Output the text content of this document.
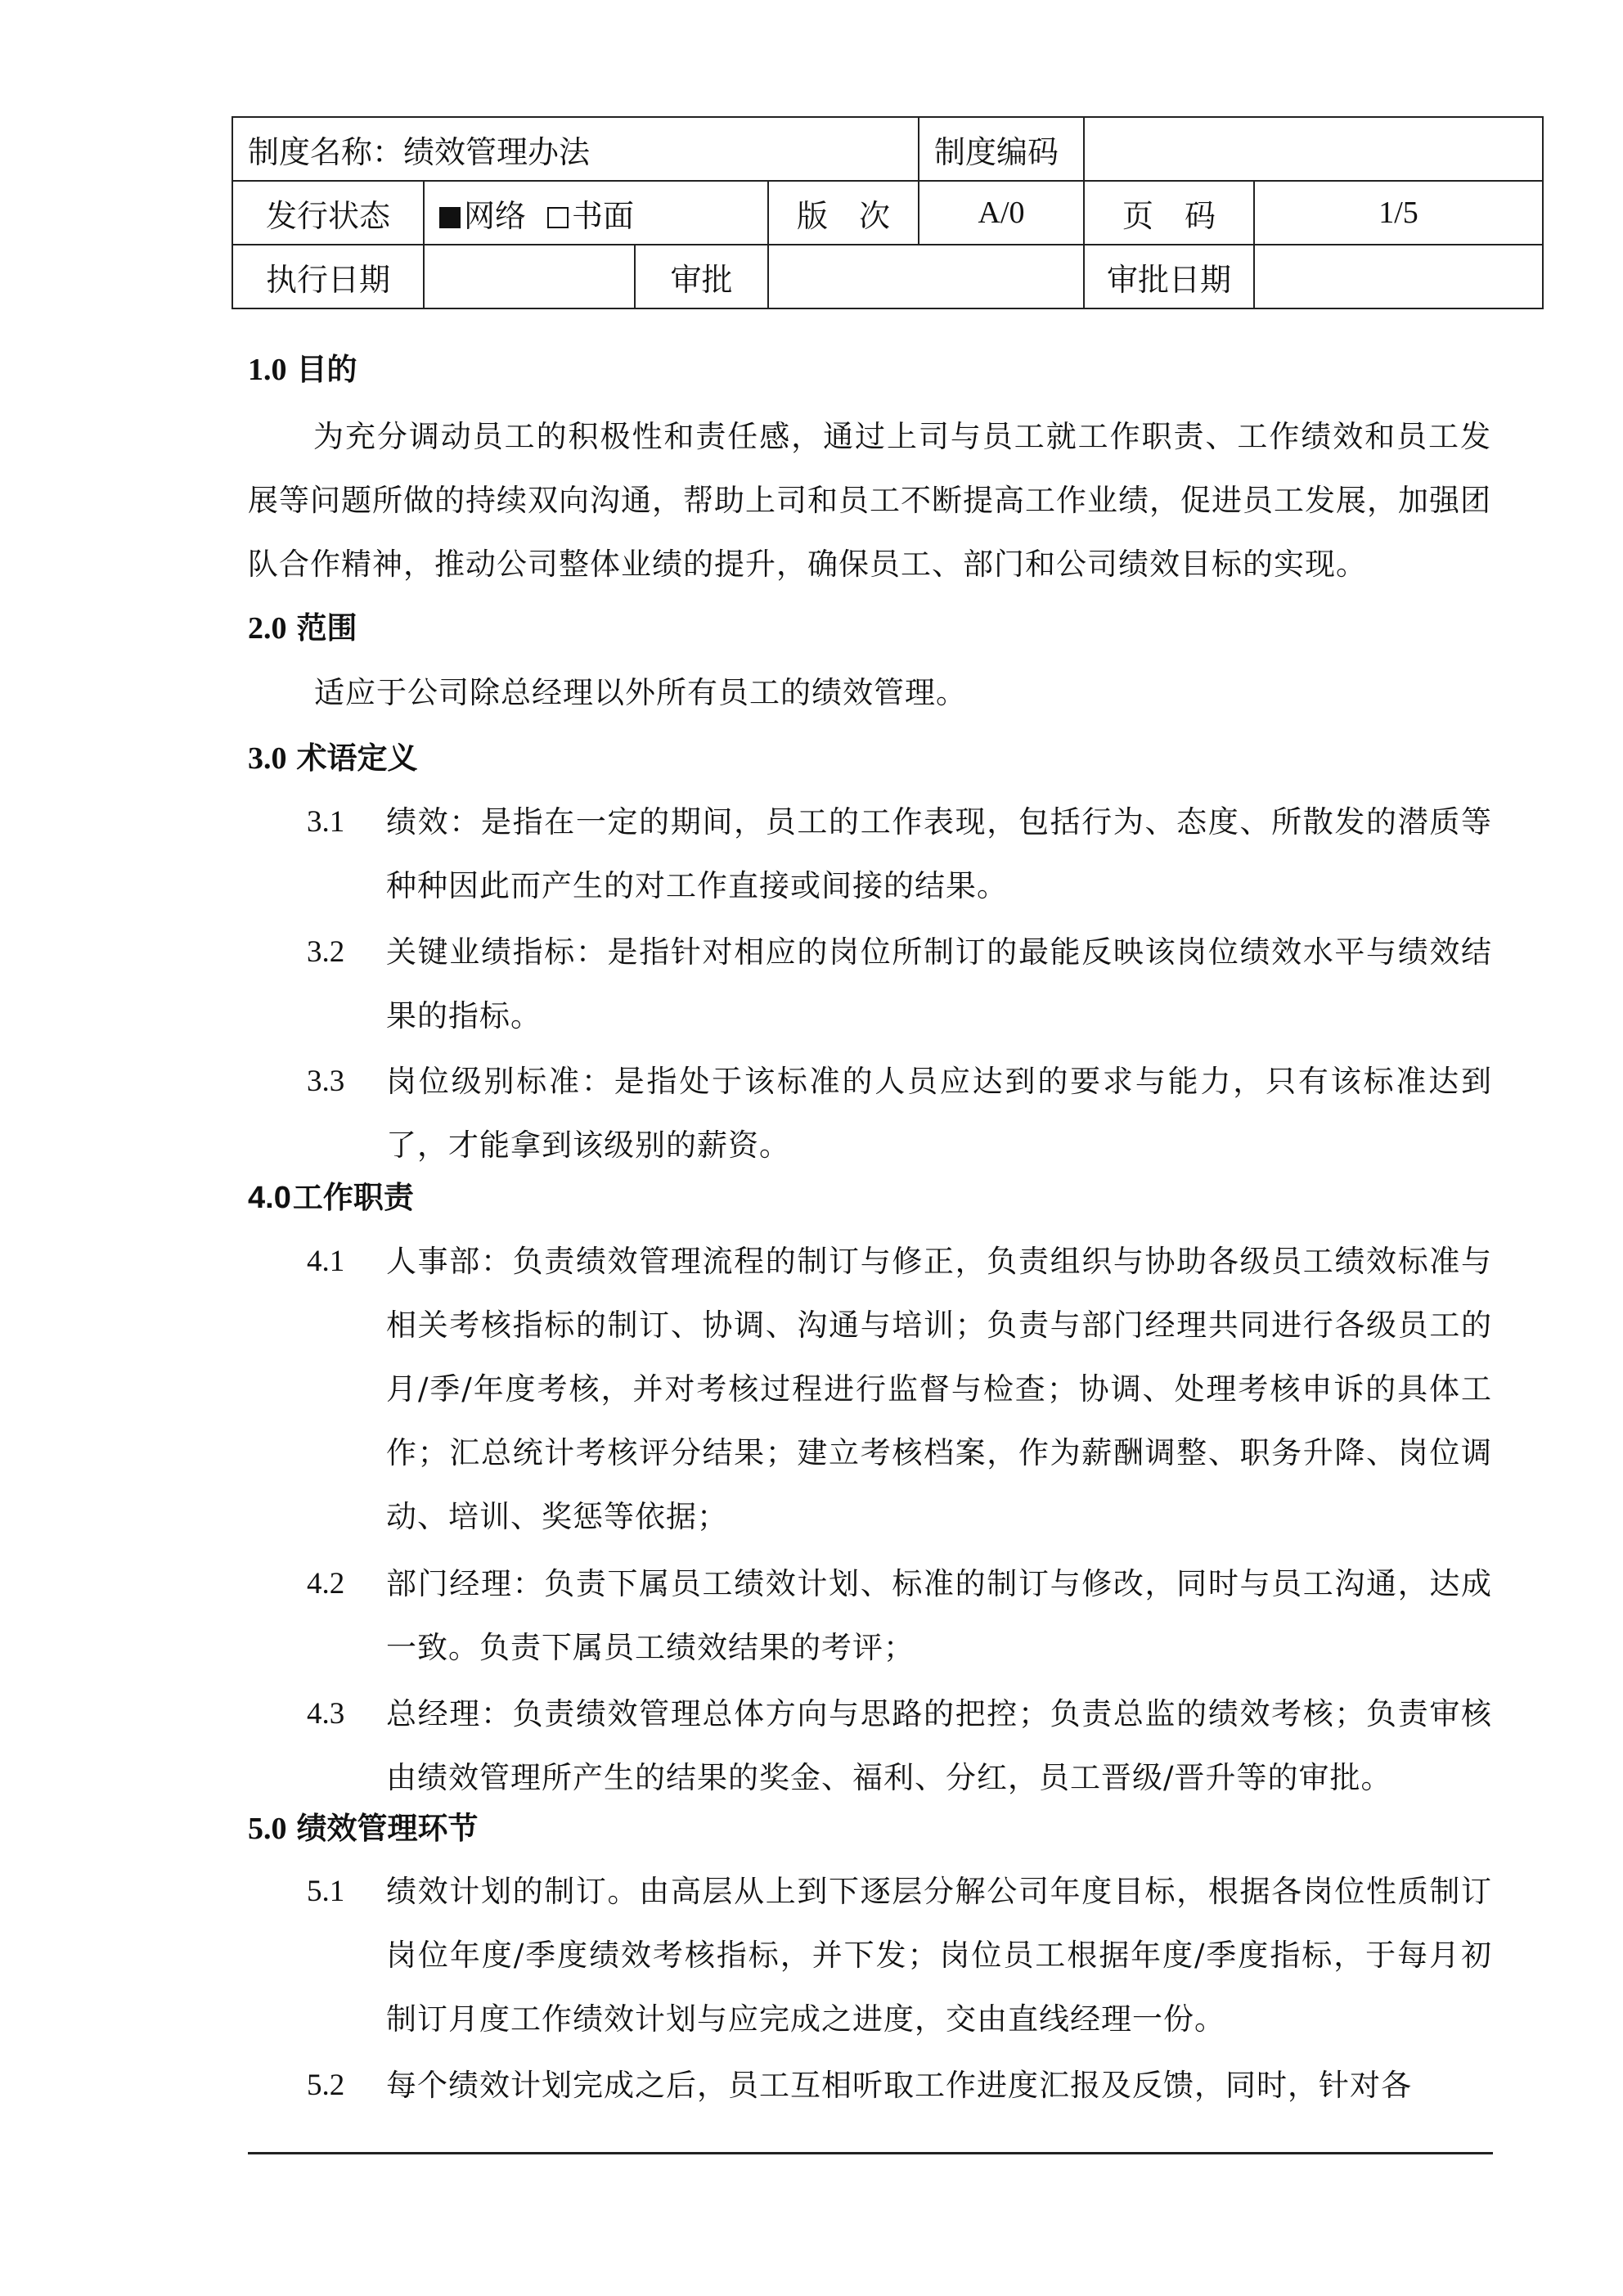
制度名称：绩效管理办法				制度编码		
发行状态	网络 书面		版　次	A/0	页　码	1/5
执行日期		审批			审批日期	
1.0 目的
为充分调动员工的积极性和责任感，通过上司与员工就工作职责、工作绩效和员工发展等问题所做的持续双向沟通，帮助上司和员工不断提高工作业绩，促进员工发展，加强团队合作精神，推动公司整体业绩的提升，确保员工、部门和公司绩效目标的实现。
2.0 范围
适应于公司除总经理以外所有员工的绩效管理。
3.0 术语定义
3.1 绩效：是指在一定的期间，员工的工作表现，包括行为、态度、所散发的潜质等种种因此而产生的对工作直接或间接的结果。
3.2 关键业绩指标：是指针对相应的岗位所制订的最能反映该岗位绩效水平与绩效结果的指标。
3.3 岗位级别标准：是指处于该标准的人员应达到的要求与能力，只有该标准达到了，才能拿到该级别的薪资。
4.0工作职责
4.1 人事部：负责绩效管理流程的制订与修正，负责组织与协助各级员工绩效标准与相关考核指标的制订、协调、沟通与培训；负责与部门经理共同进行各级员工的月/季/年度考核，并对考核过程进行监督与检查；协调、处理考核申诉的具体工作；汇总统计考核评分结果；建立考核档案，作为薪酬调整、职务升降、岗位调动、培训、奖惩等依据；
4.2 部门经理：负责下属员工绩效计划、标准的制订与修改，同时与员工沟通，达成一致。负责下属员工绩效结果的考评；
4.3 总经理：负责绩效管理总体方向与思路的把控；负责总监的绩效考核；负责审核由绩效管理所产生的结果的奖金、福利、分红，员工晋级/晋升等的审批。
5.0 绩效管理环节
5.1 绩效计划的制订。由高层从上到下逐层分解公司年度目标，根据各岗位性质制订岗位年度/季度绩效考核指标，并下发；岗位员工根据年度/季度指标，于每月初制订月度工作绩效计划与应完成之进度，交由直线经理一份。
5.2 每个绩效计划完成之后，员工互相听取工作进度汇报及反馈，同时，针对各
